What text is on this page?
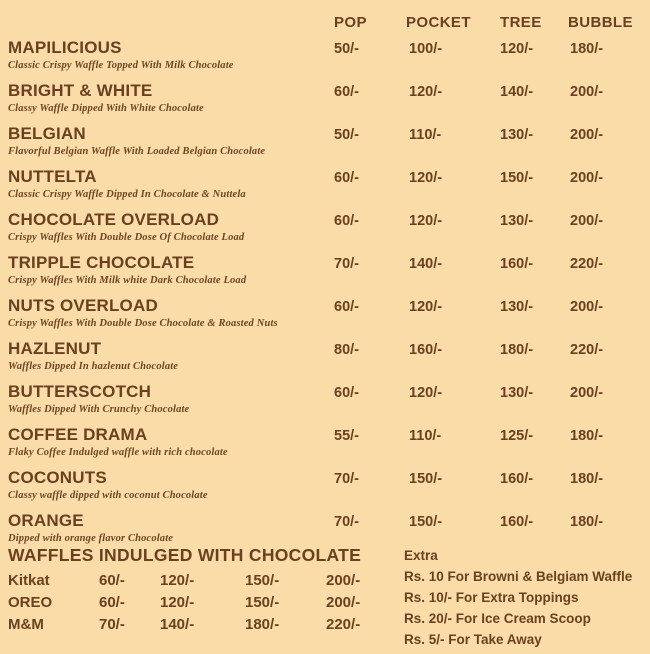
POP	POCKET TREE BUBBLE
MAPILICIOUS
Classic Crispy Waffle Topped With Milk Chocolate
50/-	100/-	120/-	180/-
BRIGHT & WHITE
Classy Waffle Dipped With White Chocolate
60/-	120/-	140/-	200/-
BELGIAN
Flavorful Belgian Waffle With Loaded Belgian Chocolate
50/-	110/-	130/-	200/-
NUTTELTA
Classic Crispy Waffle Dipped In Chocolate & Nuttela
60/-	120/-	150/-	200/-
CHOCOLATE OVERLOAD
Crispy Waffles With Double Dose Of Chocolate Load
60/-	120/-	130/-	200/-
TRIPPLE CHOCOLATE
Crispy Waffles With Milk white Dark Chocolate Load
70/-	140/-	160/-	220/-
NUTS OVERLOAD
Crispy Waffles With Double Dose Chocolate & Roasted Nuts
60/-	120/-	130/-	200/-
HAZLENUT
Waffles Dipped In hazlenut Chocolate
80/-	160/-	180/-	220/-
BUTTERSCOTCH
Waffles Dipped With Crunchy Chocolate
60/-	120/-	130/-	200/-
COFFEE DRAMA
Flaky Coffee Indulged waffle with rich chocolate
55/-	110/-	125/-	180/-
COCONUTS
Classy waffle dipped with coconut Chocolate
70/-	150/-	160/-	180/-
ORANGE
Dipped with orange flavor Chocolate
70/-	150/-	160/-	180/-
WAFFLES INDULGED WITH CHOCOLATE
Kitkat	60/- 120/-	150/-	200/-
OREO	60/- 120/-	150/-	200/-
M&M	70/- 140/-	180/-	220/-
Extra
Rs. 10 For Browni & Belgiam Waffle
Rs. 10/- For Extra Toppings
Rs. 20/- For Ice Cream Scoop
Rs. 5/- For Take Away
